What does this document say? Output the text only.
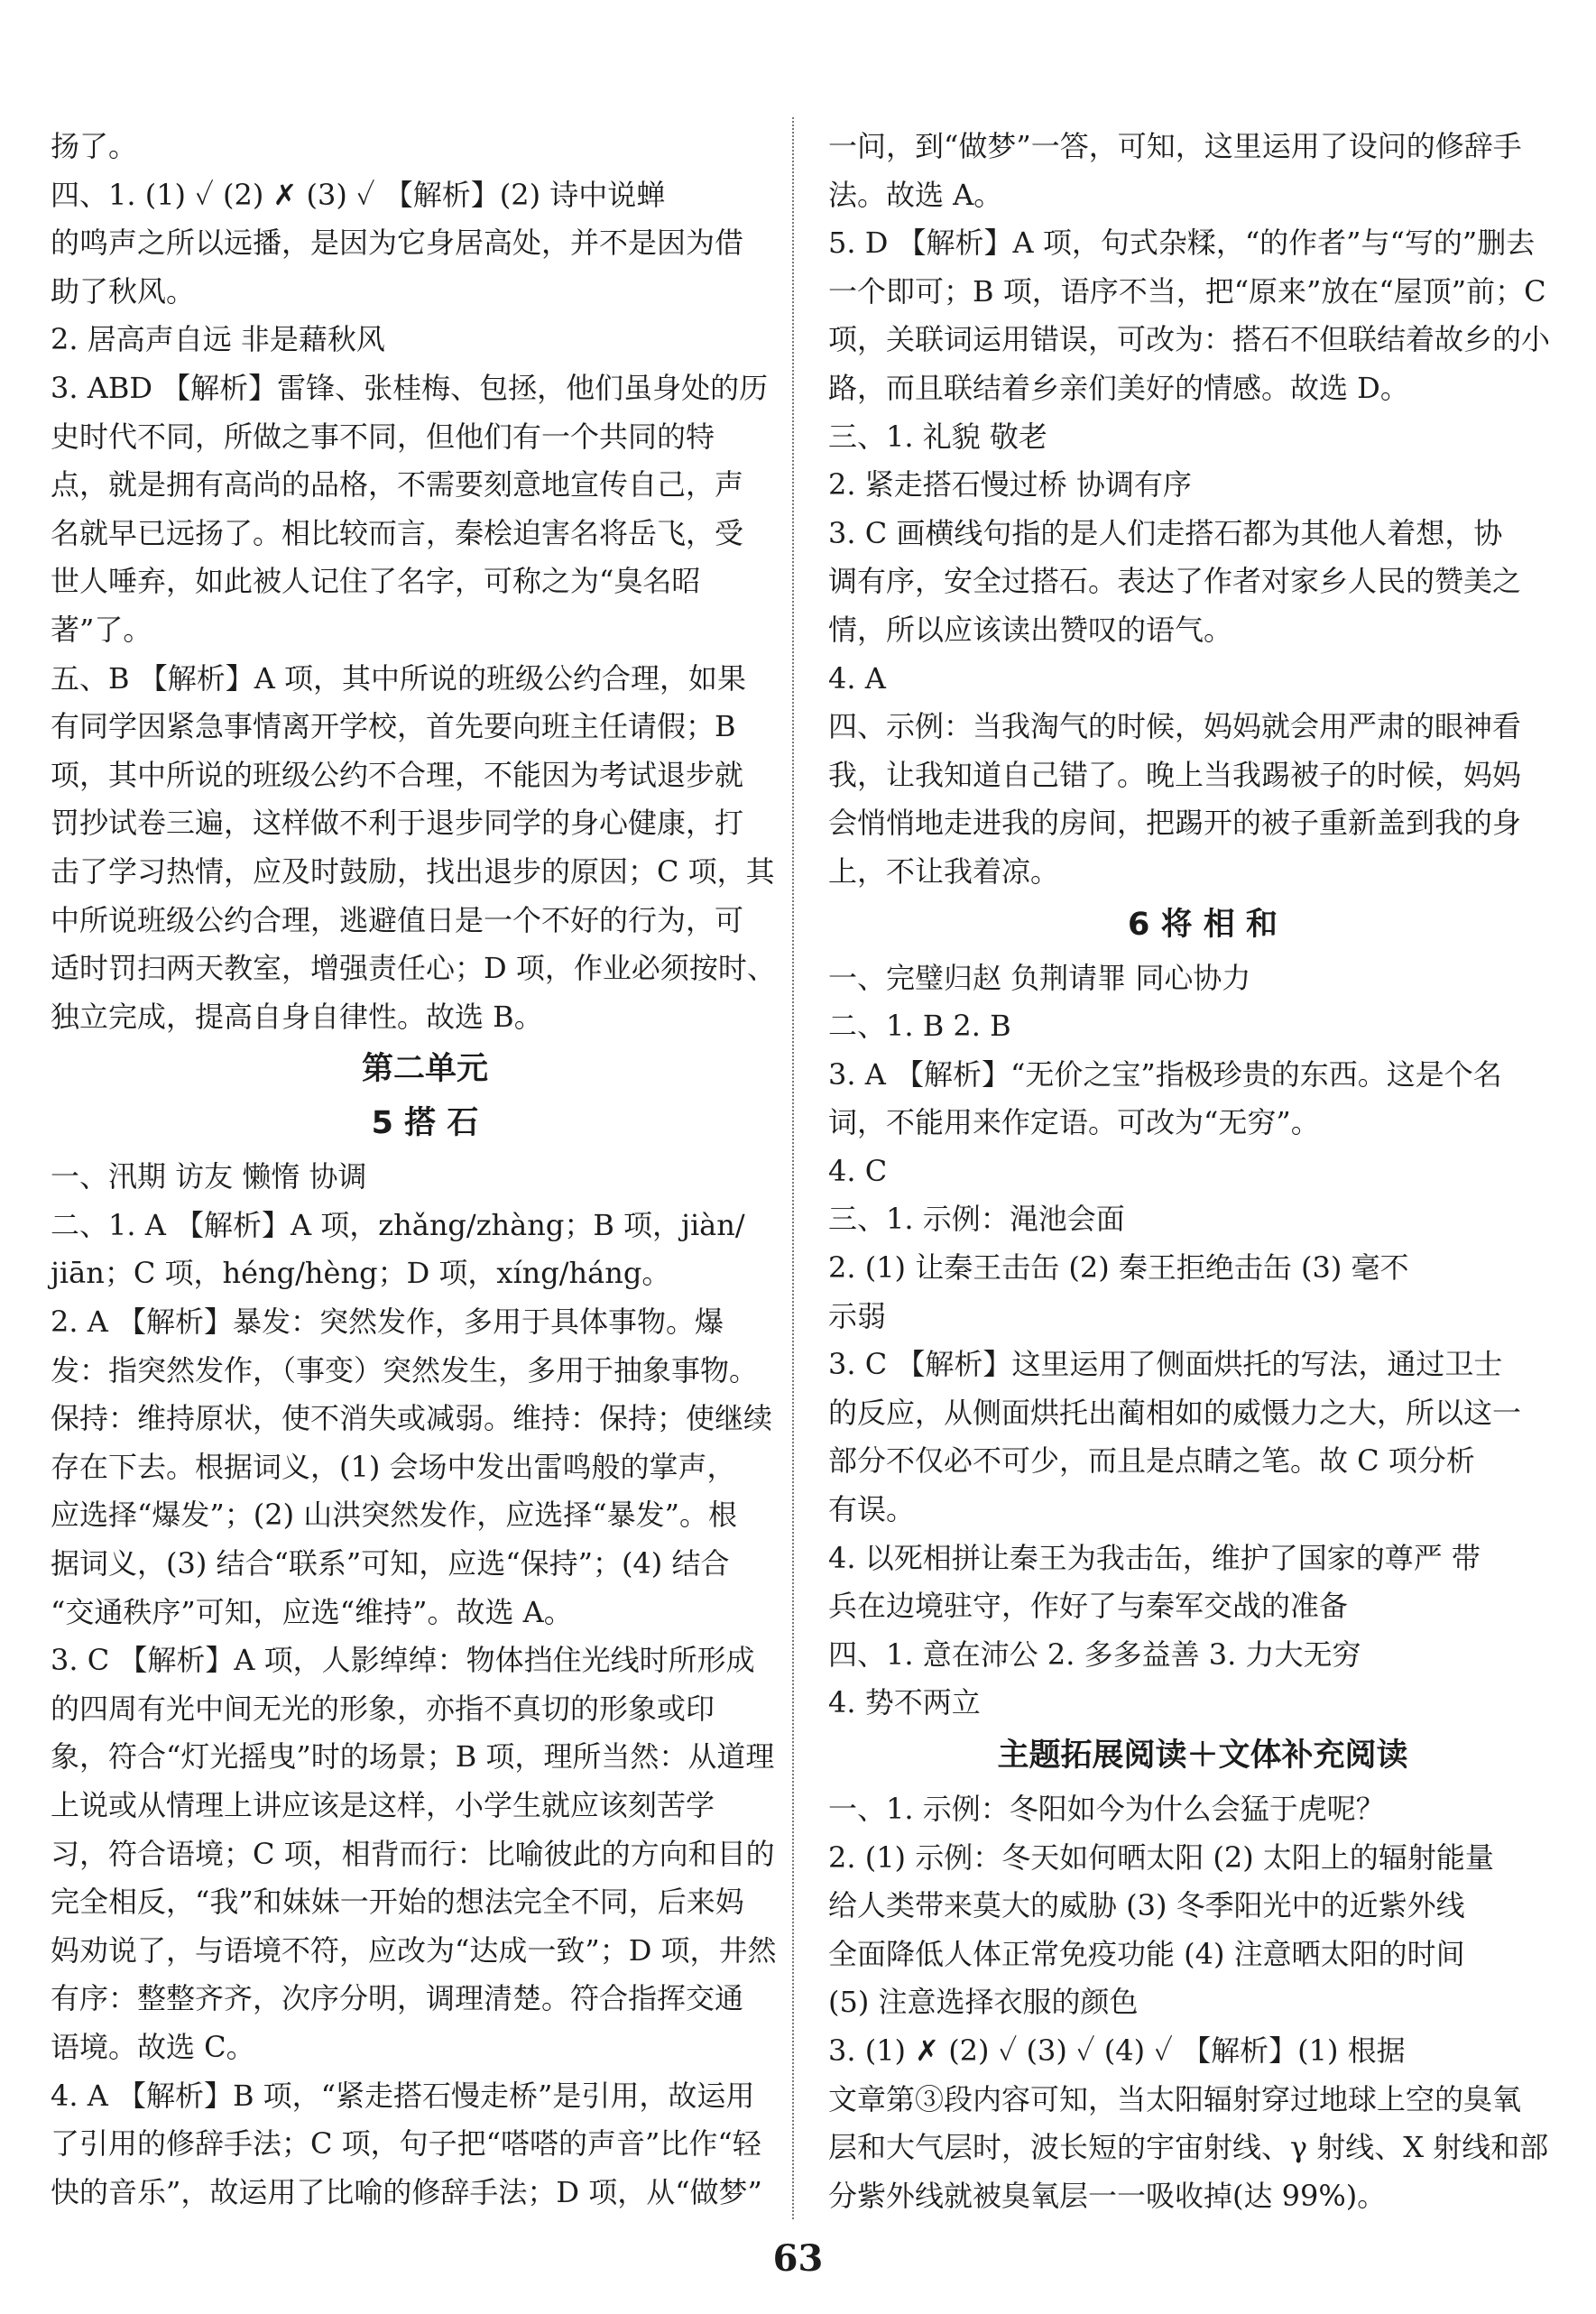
扬了。

四、1. (1) ✓ (2) ✗ (3) ✓ 【解析】(2) 诗中说蝉

的鸣声之所以远播，是因为它身居高处，并不是因为借

助了秋风。

2. 居高声自远 非是藉秋风

3. ABD 【解析】雷锋、张桂梅、包拯，他们虽身处的历

史时代不同，所做之事不同，但他们有一个共同的特

点，就是拥有高尚的品格，不需要刻意地宣传自己，声

名就早已远扬了。相比较而言，秦桧迫害名将岳飞，受

世人唾弃，如此被人记住了名字，可称之为“臭名昭

著”了。

五、B 【解析】A 项，其中所说的班级公约合理，如果

有同学因紧急事情离开学校，首先要向班主任请假；B

项，其中所说的班级公约不合理，不能因为考试退步就

罚抄试卷三遍，这样做不利于退步同学的身心健康，打

击了学习热情，应及时鼓励，找出退步的原因；C 项，其

中所说班级公约合理，逃避值日是一个不好的行为，可

适时罚扫两天教室，增强责任心；D 项，作业必须按时、

独立完成，提高自身自律性。故选 B。

第二单元
5 搭 石

一、汛期 访友 懒惰 协调

二、1. A 【解析】A 项，zhǎng/zhàng；B 项，jiàn/

jiān；C 项，héng/hèng；D 项，xíng/háng。

2. A 【解析】暴发：突然发作，多用于具体事物。爆

发：指突然发作，（事变）突然发生，多用于抽象事物。

保持：维持原状，使不消失或减弱。维持：保持；使继续

存在下去。根据词义，(1) 会场中发出雷鸣般的掌声，

应选择“爆发”；(2) 山洪突然发作，应选择“暴发”。根

据词义，(3) 结合“联系”可知，应选“保持”；(4) 结合

“交通秩序”可知，应选“维持”。故选 A。

3. C 【解析】A 项，人影绰绰：物体挡住光线时所形成

的四周有光中间无光的形象，亦指不真切的形象或印

象，符合“灯光摇曳”时的场景；B 项，理所当然：从道理

上说或从情理上讲应该是这样，小学生就应该刻苦学

习，符合语境；C 项，相背而行：比喻彼此的方向和目的

完全相反，“我”和妹妹一开始的想法完全不同，后来妈

妈劝说了，与语境不符，应改为“达成一致”；D 项，井然

有序：整整齐齐，次序分明，调理清楚。符合指挥交通

语境。故选 C。

4. A 【解析】B 项，“紧走搭石慢走桥”是引用，故运用

了引用的修辞手法；C 项，句子把“嗒嗒的声音”比作“轻

快的音乐”，故运用了比喻的修辞手法；D 项，从“做梦”

一问，到“做梦”一答，可知，这里运用了设问的修辞手

法。故选 A。

5. D 【解析】A 项，句式杂糅，“的作者”与“写的”删去

一个即可；B 项，语序不当，把“原来”放在“屋顶”前；C

项，关联词运用错误，可改为：搭石不但联结着故乡的小

路，而且联结着乡亲们美好的情感。故选 D。

三、1. 礼貌 敬老

2. 紧走搭石慢过桥 协调有序

3. C 画横线句指的是人们走搭石都为其他人着想，协

调有序，安全过搭石。表达了作者对家乡人民的赞美之

情，所以应该读出赞叹的语气。

4. A

四、示例：当我淘气的时候，妈妈就会用严肃的眼神看

我，让我知道自己错了。晚上当我踢被子的时候，妈妈

会悄悄地走进我的房间，把踢开的被子重新盖到我的身

上，不让我着凉。

6 将 相 和

一、完璧归赵 负荆请罪 同心协力

二、1. B 2. B

3. A 【解析】“无价之宝”指极珍贵的东西。这是个名

词，不能用来作定语。可改为“无穷”。

4. C

三、1. 示例：渑池会面

2. (1) 让秦王击缶 (2) 秦王拒绝击缶 (3) 毫不

示弱

3. C 【解析】这里运用了侧面烘托的写法，通过卫士

的反应，从侧面烘托出蔺相如的威慑力之大，所以这一

部分不仅必不可少，而且是点睛之笔。故 C 项分析

有误。

4. 以死相拼让秦王为我击缶，维护了国家的尊严 带

兵在边境驻守，作好了与秦军交战的准备

四、1. 意在沛公 2. 多多益善 3. 力大无穷

4. 势不两立

主题拓展阅读＋文体补充阅读

一、1. 示例：冬阳如今为什么会猛于虎呢？

2. (1) 示例：冬天如何晒太阳 (2) 太阳上的辐射能量

给人类带来莫大的威胁 (3) 冬季阳光中的近紫外线

全面降低人体正常免疫功能 (4) 注意晒太阳的时间

(5) 注意选择衣服的颜色

3. (1) ✗ (2) ✓ (3) ✓ (4) ✓ 【解析】(1) 根据

文章第③段内容可知，当太阳辐射穿过地球上空的臭氧

层和大气层时，波长短的宇宙射线、γ 射线、X 射线和部

分紫外线就被臭氧层一一吸收掉(达 99%)。

63
